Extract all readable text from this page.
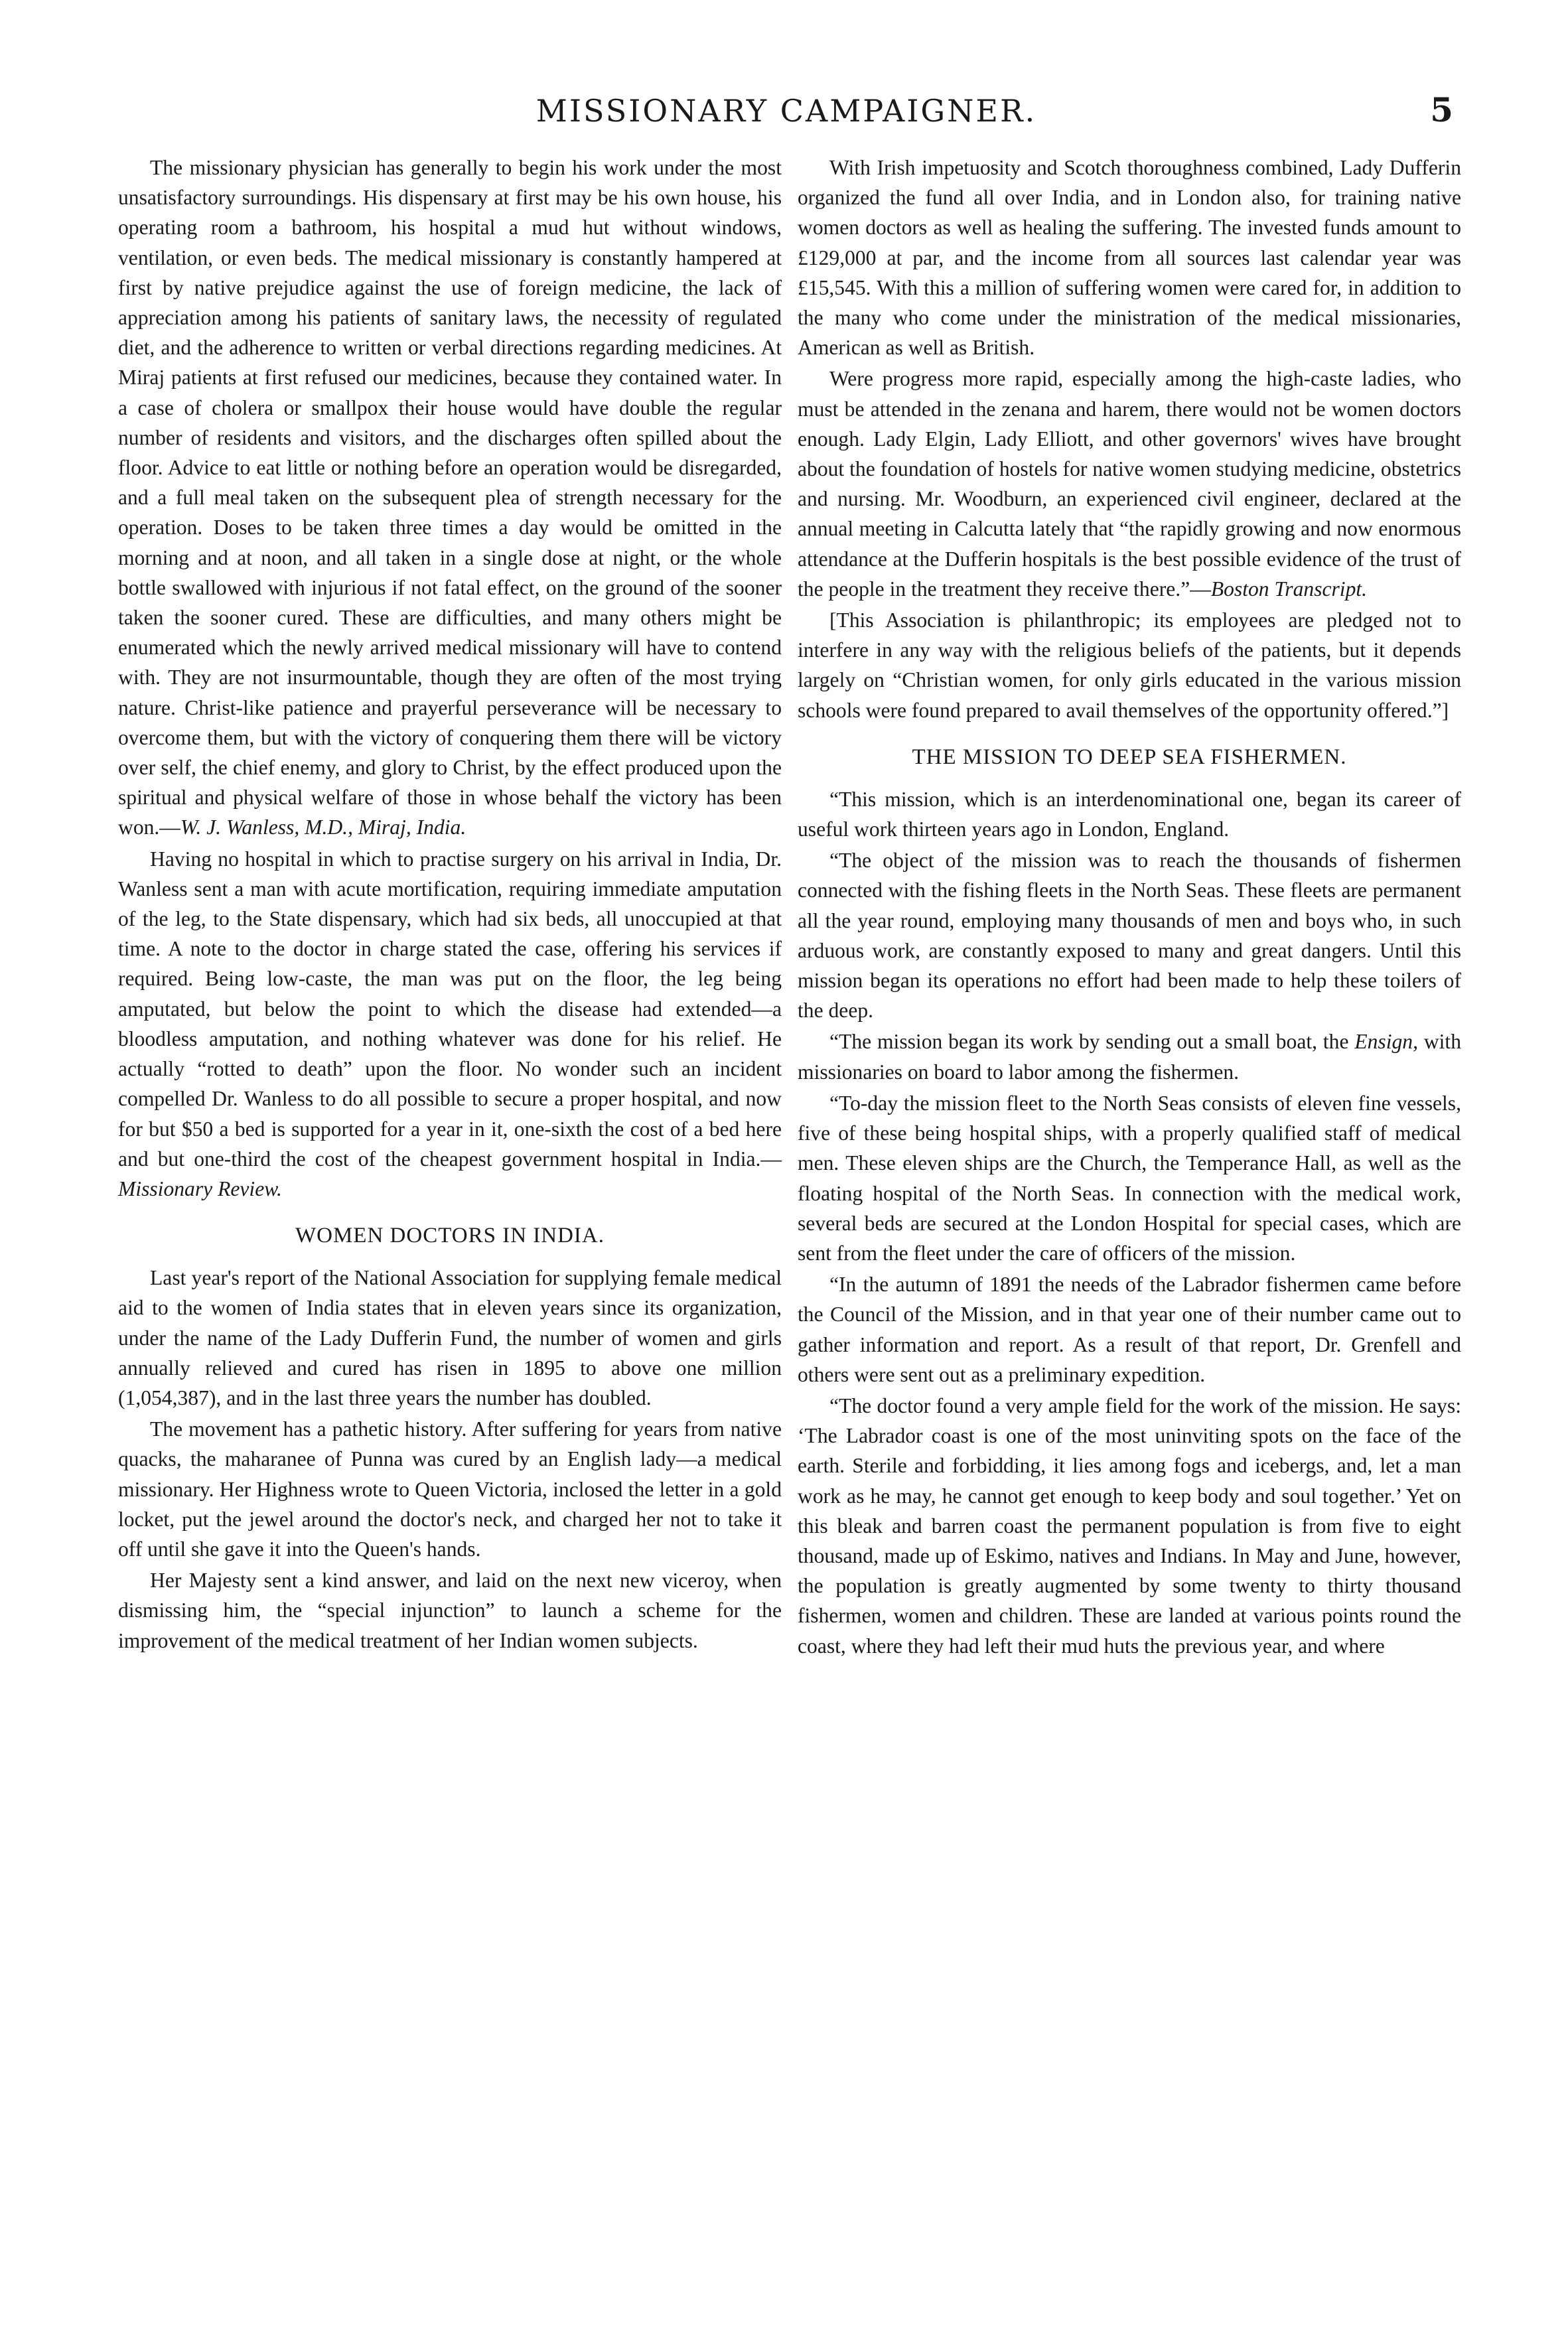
MISSIONARY CAMPAIGNER.	5

The missionary physician has generally to begin his work under the most unsatisfactory surroundings. His dispensary at first may be his own house, his operating room a bathroom, his hospital a mud hut without windows, ventilation, or even beds. The medical missionary is constantly hampered at first by native prejudice against the use of foreign medicine, the lack of appreciation among his patients of sanitary laws, the necessity of regulated diet, and the adherence to written or verbal directions regarding medicines. At Miraj patients at first refused our medicines, because they contained water. In a case of cholera or smallpox their house would have double the regular number of residents and visitors, and the discharges often spilled about the floor. Advice to eat little or nothing before an operation would be disregarded, and a full meal taken on the subsequent plea of strength necessary for the operation. Doses to be taken three times a day would be omitted in the morning and at noon, and all taken in a single dose at night, or the whole bottle swallowed with injurious if not fatal effect, on the ground of the sooner taken the sooner cured. These are difficulties, and many others might be enumerated which the newly arrived medical missionary will have to contend with. They are not insurmountable, though they are often of the most trying nature. Christ-like patience and prayerful perseverance will be necessary to overcome them, but with the victory of conquering them there will be victory over self, the chief enemy, and glory to Christ, by the effect produced upon the spiritual and physical welfare of those in whose behalf the victory has been won.—W. J. Wanless, M.D., Miraj, India.

Having no hospital in which to practise surgery on his arrival in India, Dr. Wanless sent a man with acute mortification, requiring immediate amputation of the leg, to the State dispensary, which had six beds, all unoccupied at that time. A note to the doctor in charge stated the case, offering his services if required. Being low-caste, the man was put on the floor, the leg being amputated, but below the point to which the disease had extended—a bloodless amputation, and nothing whatever was done for his relief. He actually “rotted to death” upon the floor. No wonder such an incident compelled Dr. Wanless to do all possible to secure a proper hospital, and now for but $50 a bed is supported for a year in it, one-sixth the cost of a bed here and but one-third the cost of the cheapest government hospital in India.—Missionary Review.

WOMEN DOCTORS IN INDIA.

Last year's report of the National Association for supplying female medical aid to the women of India states that in eleven years since its organization, under the name of the Lady Dufferin Fund, the number of women and girls annually relieved and cured has risen in 1895 to above one million (1,054,387), and in the last three years the number has doubled.

The movement has a pathetic history. After suffering for years from native quacks, the maharanee of Punna was cured by an English lady—a medical missionary. Her Highness wrote to Queen Victoria, inclosed the letter in a gold locket, put the jewel around the doctor's neck, and charged her not to take it off until she gave it into the Queen's hands.

Her Majesty sent a kind answer, and laid on the next new viceroy, when dismissing him, the “special injunction” to launch a scheme for the improvement of the medical treatment of her Indian women subjects.

With Irish impetuosity and Scotch thoroughness combined, Lady Dufferin organized the fund all over India, and in London also, for training native women doctors as well as healing the suffering. The invested funds amount to £129,000 at par, and the income from all sources last calendar year was £15,545. With this a million of suffering women were cared for, in addition to the many who come under the ministration of the medical missionaries, American as well as British.

Were progress more rapid, especially among the high-caste ladies, who must be attended in the zenana and harem, there would not be women doctors enough. Lady Elgin, Lady Elliott, and other governors' wives have brought about the foundation of hostels for native women studying medicine, obstetrics and nursing. Mr. Woodburn, an experienced civil engineer, declared at the annual meeting in Calcutta lately that “the rapidly growing and now enormous attendance at the Dufferin hospitals is the best possible evidence of the trust of the people in the treatment they receive there.”—Boston Transcript.

[This Association is philanthropic; its employees are pledged not to interfere in any way with the religious beliefs of the patients, but it depends largely on “Christian women, for only girls educated in the various mission schools were found prepared to avail themselves of the opportunity offered.”]

THE MISSION TO DEEP SEA FISHERMEN.

“This mission, which is an interdenominational one, began its career of useful work thirteen years ago in London, England.

“The object of the mission was to reach the thousands of fishermen connected with the fishing fleets in the North Seas. These fleets are permanent all the year round, employing many thousands of men and boys who, in such arduous work, are constantly exposed to many and great dangers. Until this mission began its operations no effort had been made to help these toilers of the deep.

“The mission began its work by sending out a small boat, the Ensign, with missionaries on board to labor among the fishermen.

“To-day the mission fleet to the North Seas consists of eleven fine vessels, five of these being hospital ships, with a properly qualified staff of medical men. These eleven ships are the Church, the Temperance Hall, as well as the floating hospital of the North Seas. In connection with the medical work, several beds are secured at the London Hospital for special cases, which are sent from the fleet under the care of officers of the mission.

“In the autumn of 1891 the needs of the Labrador fishermen came before the Council of the Mission, and in that year one of their number came out to gather information and report. As a result of that report, Dr. Grenfell and others were sent out as a preliminary expedition.

“The doctor found a very ample field for the work of the mission. He says: ‘The Labrador coast is one of the most uninviting spots on the face of the earth. Sterile and forbidding, it lies among fogs and icebergs, and, let a man work as he may, he cannot get enough to keep body and soul together.’ Yet on this bleak and barren coast the permanent population is from five to eight thousand, made up of Eskimo, natives and Indians. In May and June, however, the population is greatly augmented by some twenty to thirty thousand fishermen, women and children. These are landed at various points round the coast, where they had left their mud huts the previous year, and where
